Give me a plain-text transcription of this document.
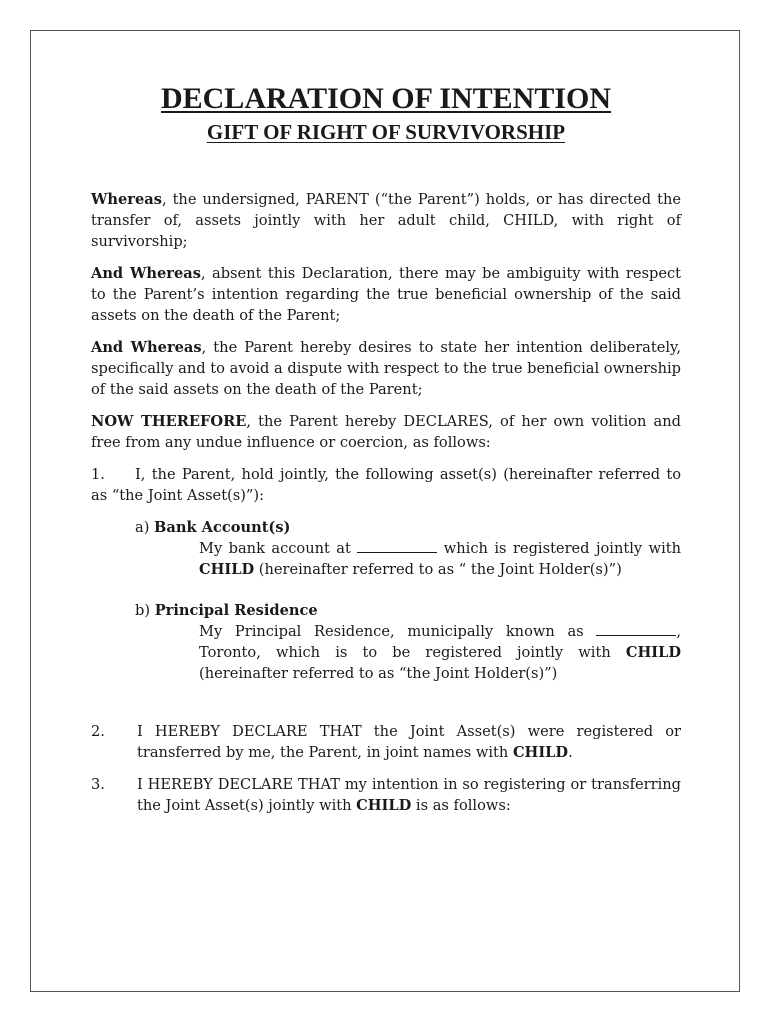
DECLARATION OF INTENTION
GIFT OF RIGHT OF SURVIVORSHIP

Whereas, the undersigned, PARENT (“the Parent”) holds, or has directed the transfer of, assets jointly with her adult child, CHILD, with right of survivorship;

And Whereas, absent this Declaration, there may be ambiguity with respect to the Parent’s intention regarding the true beneficial ownership of the said assets on the death of the Parent;

And Whereas, the Parent hereby desires to state her intention deliberately, specifically and to avoid a dispute with respect to the true beneficial ownership of the said assets on the death of the Parent;

NOW THEREFORE, the Parent hereby DECLARES, of her own volition and free from any undue influence or coercion, as follows:

1. I, the Parent, hold jointly, the following asset(s) (hereinafter referred to as “the Joint Asset(s)”):

a) Bank Account(s)
My bank account at	which is registered jointly with CHILD (hereinafter referred to as “ the Joint Holder(s)”)
b) Principal Residence
My Principal Residence, municipally known as	, Toronto, which is to be registered jointly with CHILD (hereinafter referred to as “the Joint Holder(s)”)
2.	I HEREBY DECLARE THAT the Joint Asset(s) were registered or transferred by me, the Parent, in joint names with CHILD.
3.	I HEREBY DECLARE THAT my intention in so registering or transferring the Joint Asset(s) jointly with CHILD is as follows:
